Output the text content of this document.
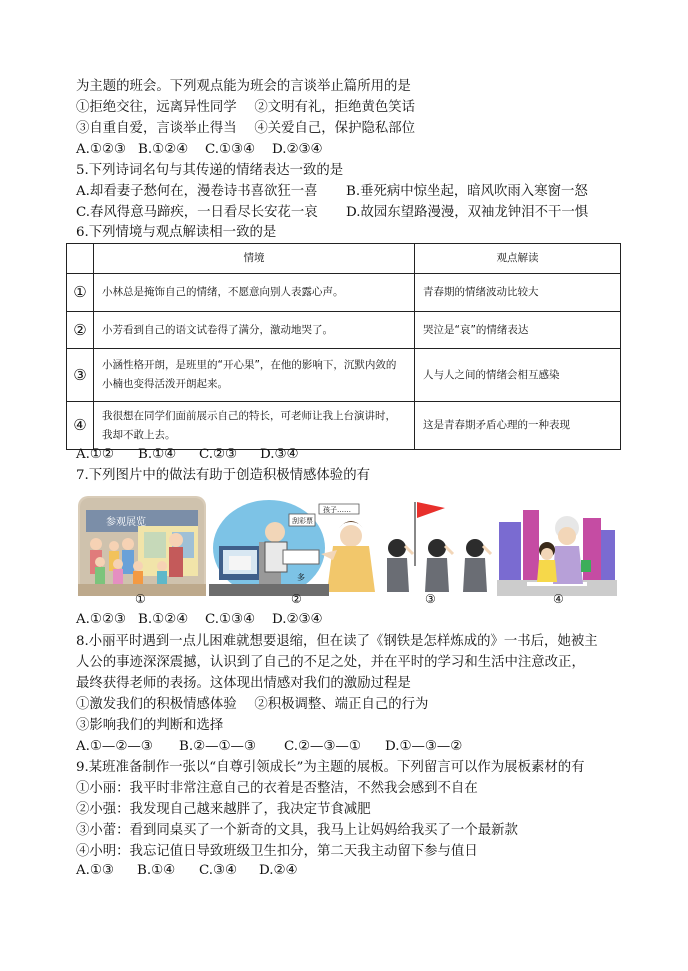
为主题的班会。下列观点能为班会的言谈举止篇所用的是
①拒绝交往，远离异性同学　 ②文明有礼，拒绝黄色笑话
③自重自爱，言谈举止得当　 ④关爱自己，保护隐私部位
A.①②③ B.①②④ C.①③④ D.②③④
5.下列诗词名句与其传递的情绪表达一致的是
A.却看妻子愁何在，漫卷诗书喜欲狂一喜 B.垂死病中惊坐起，暗风吹雨入寒窗一怒
C.春风得意马蹄疾，一日看尽长安花一哀 D.故园东望路漫漫，双袖龙钟泪不干一惧
6.下列情境与观点解读相一致的是
	情境	观点解读
①	小林总是掩饰自己的情绪，不愿意向别人表露心声。	青春期的情绪波动比较大
②	小芳看到自己的语文试卷得了满分，激动地哭了。	哭泣是“哀”的情绪表达
③	小涵性格开朗，是班里的“开心果”，在他的影响下，沉默内敛的小楠也变得活泼开朗起来。	人与人之间的情绪会相互感染
④	我很想在同学们面前展示自己的特长，可老师让我上台演讲时，我却不敢上去。	这是青春期矛盾心理的一种表现
A.①② B.①④ C.②③ D.③④
7.下列图片中的做法有助于创造积极情感体验的有
参观展览
①
孩子……
刮彩票
多
②	③	④
A.①②③ B.①②④ C.①③④ D.②③④
8.小丽平时遇到一点儿困难就想要退缩，但在读了《钢铁是怎样炼成的》一书后，她被主
人公的事迹深深震撼，认识到了自己的不足之处，并在平时的学习和生活中注意改正，
最终获得老师的表扬。这体现出情感对我们的激励过程是
①激发我们的积极情感体验　 ②积极调整、端正自己的行为
③影响我们的判断和选择
A.①—②—③ B.②—①—③ C.②—③—① D.①—③—②
9.某班准备制作一张以“自尊引领成长”为主题的展板。下列留言可以作为展板素材的有
①小丽：我平时非常注意自己的衣着是否整洁，不然我会感到不自在
②小强：我发现自己越来越胖了，我决定节食减肥
③小蕾：看到同桌买了一个新奇的文具，我马上让妈妈给我买了一个最新款
④小明：我忘记值日导致班级卫生扣分，第二天我主动留下参与值日
A.①③ B.①④ C.③④ D.②④
